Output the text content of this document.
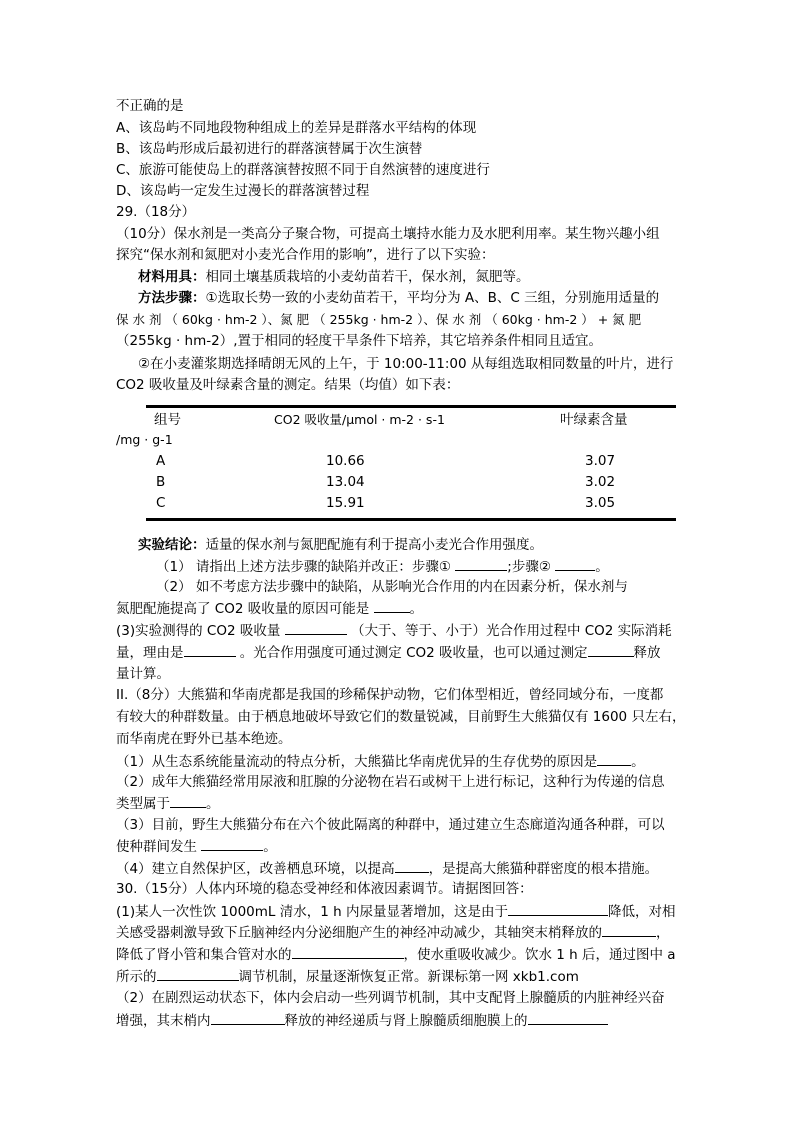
不正确的是
A、该岛屿不同地段物种组成上的差异是群落水平结构的体现
B、该岛屿形成后最初进行的群落演替属于次生演替
C、旅游可能使岛上的群落演替按照不同于自然演替的速度进行
D、该岛屿一定发生过漫长的群落演替过程
29.（18分）
（10分）保水剂是一类高分子聚合物，可提高土壤持水能力及水肥利用率。某生物兴趣小组
探究“保水剂和氮肥对小麦光合作用的影响”，进行了以下实验：
材料用具：相同土壤基质栽培的小麦幼苗若干，保水剂，氮肥等。
方法步骤：①选取长势一致的小麦幼苗若干，平均分为 A、B、C 三组，分别施用适量的
保 水 剂 （ 60kg · hm-2 ）、氮 肥 （ 255kg · hm-2 ）、保 水 剂 （ 60kg · hm-2 ） + 氮 肥
（255kg · hm-2）,置于相同的轻度干旱条件下培养，其它培养条件相同且适宜。
②在小麦灌浆期选择晴朗无风的上午，于 10:00-11:00 从每组选取相同数量的叶片，进行
CO2 吸收量及叶绿素含量的测定。结果（均值）如下表：
组号	CO2 吸收量/μmol · m-2 · s-1	叶绿素含量
/mg · g-1
A	10.66	3.07
B	13.04	3.02
C	15.91	3.05
实验结论：适量的保水剂与氮肥配施有利于提高小麦光合作用强度。
（1） 请指出上述方法步骤的缺陷并改正：步骤①	;步骤②	。
（2） 如不考虑方法步骤中的缺陷，从影响光合作用的内在因素分析，保水剂与
氮肥配施提高了 CO2 吸收量的原因可能是	。
(3)实验测得的 CO2 吸收量	（大于、等于、小于）光合作用过程中 CO2 实际消耗
量，理由是	。光合作用强度可通过测定 CO2 吸收量，也可以通过测定	释放
量计算。
II.（8分）大熊猫和华南虎都是我国的珍稀保护动物，它们体型相近，曾经同域分布，一度都
有较大的种群数量。由于栖息地破坏导致它们的数量锐减，目前野生大熊猫仅有 1600 只左右，
而华南虎在野外已基本绝迹。
（1）从生态系统能量流动的特点分析，大熊猫比华南虎优异的生存优势的原因是	。
（2）成年大熊猫经常用尿液和肛腺的分泌物在岩石或树干上进行标记，这种行为传递的信息
类型属于	。
（3）目前，野生大熊猫分布在六个彼此隔离的种群中，通过建立生态廊道沟通各种群，可以
使种群间发生	。
（4）建立自然保护区，改善栖息环境，以提高	，是提高大熊猫种群密度的根本措施。
30.（15分）人体内环境的稳态受神经和体液因素调节。请据图回答：
(1)某人一次性饮 1000mL 清水，1 h 内尿量显著增加，这是由于	降低，对相
关感受器刺激导致下丘脑神经内分泌细胞产生的神经冲动减少，其轴突末梢释放的	，
降低了肾小管和集合管对水的	，使水重吸收减少。饮水 1 h 后，通过图中 a
所示的	调节机制，尿量逐渐恢复正常。新课标第一网 xkb1.com
（2）在剧烈运动状态下，体内会启动一些列调节机制，其中支配肾上腺髓质的内脏神经兴奋
增强，其末梢内	释放的神经递质与肾上腺髓质细胞膜上的
